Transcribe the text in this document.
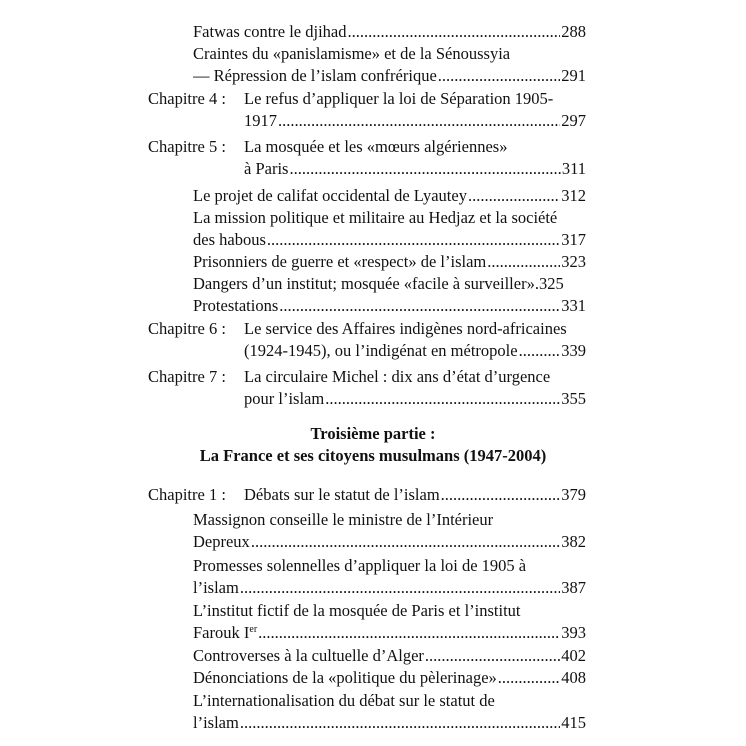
Fatwas contre le djihad .....	288
Craintes du «panislamisme» et de la Sénoussyia
— Répression de l’islam confrérique .....	291
Chapitre 4 :	Le refus d’appliquer la loi de Séparation 1905-
1917 .....	297
Chapitre 5 :	La mosquée et les «mœurs algériennes»
à Paris .....	311
Le projet de califat occidental de Lyautey .....	312
La mission politique et militaire au Hedjaz et la société
des habous .....	317
Prisonniers de guerre et «respect» de l’islam .....	323
Dangers d’un institut; mosquée «facile à surveiller». 325
Protestations .....	331
Chapitre 6 :	Le service des Affaires indigènes nord-africaines
(1924-1945), ou l’indigénat en métropole .....	339
Chapitre 7 :	La circulaire Michel : dix ans d’état d’urgence
pour l’islam .....	355
Troisième partie :
La France et ses citoyens musulmans (1947-2004)
Chapitre 1 :	Débats sur le statut de l’islam .....	379
Massignon conseille le ministre de l’Intérieur
Depreux .....	382
Promesses solennelles d’appliquer la loi de 1905 à
l’islam .....	387
L’institut fictif de la mosquée de Paris et l’institut
Farouk Ier .....	393
Controverses à la cultuelle d’Alger .....	402
Dénonciations de la «politique du pèlerinage» .....	408
L’internationalisation du débat sur le statut de
l’islam .....	415
